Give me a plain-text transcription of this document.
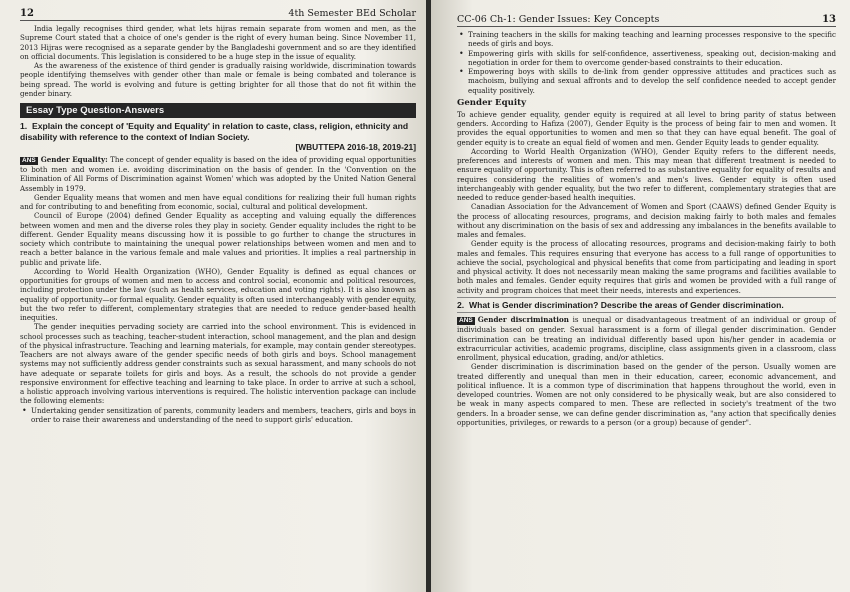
12	4th Semester BEd Scholar

India legally recognises third gender, what lets hijras remain separate from women and men, as the Supreme Court stated that a choice of one's gender is the right of every human being. Since November 11, 2013 Hijras were recognised as a separate gender by the Bangladeshi government and so are they identified on official documents. This legislation is considered to be a huge step in the issue of equality.

As the awareness of the existence of third gender is gradually raising worldwide, discrimination towards people identifying themselves with gender other than male or female is being combated and tolerance is being spread. The world is evolving and future is getting brighter for all those that do not fit within the gender binary.

Essay Type Question-Answers
1. Explain the concept of 'Equity and Equality' in relation to caste, class, religion, ethnicity and disability with reference to the context of Indian Society.
[WBUTTEPA 2016-18, 2019-21]

ANS Gender Equality: The concept of gender equality is based on the idea of providing equal opportunities to both men and women i.e. avoiding discrimination on the basis of gender. In the 'Convention on the Elimination of All Forms of Discrimination against Women' which was adopted by the United Nation General Assembly in 1979.

Gender Equality means that women and men have equal conditions for realizing their full human rights and for contributing to and benefiting from economic, social, cultural and political development.

Council of Europe (2004) defined Gender Equality as accepting and valuing equally the differences between women and men and the diverse roles they play in society. Gender equality includes the right to be different. Gender Equality means discussing how it is possible to go further to change the structures in society which contribute to maintaining the unequal power relationships between women and men and to reach a better balance in the various female and male values and priorities. It implies a real partnership in public and private life.

According to World Health Organization (WHO), Gender Equality is defined as equal chances or opportunities for groups of women and men to access and control social, economic and political resources, including protection under the law (such as health services, education and voting rights). It is also known as equality of opportunity—or formal equality. Gender equality is often used interchangeably with gender equity, but the two refer to different, complementary strategies that are needed to reduce gender-based health inequities.

The gender inequities pervading society are carried into the school environment. This is evidenced in school processes such as teaching, teacher-student interaction, school management, and the plan and design of the physical infrastructure. Teaching and learning materials, for example, may contain gender stereotypes. Teachers are not always aware of the gender specific needs of both girls and boys. School management systems may not sufficiently address gender constraints such as sexual harassment, and many schools do not have adequate or separate toilets for girls and boys. As a result, the schools do not provide a gender responsive environment for effective teaching and learning to take place. In order to arrive at such a school, a holistic approach involving various interventions is required. The holistic intervention package can include the following elements:

• Undertaking gender sensitization of parents, community leaders and members, teachers, girls and boys in order to raise their awareness and understanding of the need to support girls' education.
CC-06 Ch-1: Gender Issues: Key Concepts	13
• Training teachers in the skills for making teaching and learning processes responsive to the specific needs of girls and boys.
• Empowering girls with skills for self-confidence, assertiveness, speaking out, decision-making and negotiation in order for them to overcome gender-based constraints to their education.
• Empowering boys with skills to de-link from gender oppressive attitudes and practices such as machoism, bullying and sexual affronts and to develop the self confidence needed to accept gender equality positively.
Gender Equity

To achieve gender equality, gender equity is required at all level to bring parity of status between genders. According to Hafiza (2007), Gender Equity is the process of being fair to men and women. It provides the equal opportunities to women and men so that they can have equal benefit. The goal of gender equity is to create an equal field of women and men. Gender Equity leads to gender equality.

According to World Health Organization (WHO), Gender Equity refers to the different needs, preferences and interests of women and men. This may mean that different treatment is needed to ensure equality of opportunity. This is often referred to as substantive equality for equality of results and requires considering the realities of women's and men's lives. Gender equity is often used interchangeably with gender equality, but the two refer to different, complementary strategies that are needed to reduce gender-based health inequities.

Canadian Association for the Advancement of Women and Sport (CAAWS) defined Gender Equity is the process of allocating resources, programs, and decision making fairly to both males and females without any discrimination on the basis of sex and addressing any imbalances in the benefits available to males and females.

Gender equity is the process of allocating resources, programs and decision-making fairly to both males and females. This requires ensuring that everyone has access to a full range of opportunities to achieve the social, psychological and physical benefits that come from participating and leading in sport and physical activity. It does not necessarily mean making the same programs and facilities available to both males and females. Gender equity requires that girls and women be provided with a full range of activity and program choices that meet their needs, interests and experiences.

2. What is Gender discrimination? Describe the areas of Gender discrimination.

ANS Gender discrimination is unequal or disadvantageous treatment of an individual or group of individuals based on gender. Sexual harassment is a form of illegal gender discrimination. Gender discrimination can be treating an individual differently based upon his/her gender in academia or extracurricular activities, academic programs, discipline, class assignments given in a classroom, class enrollment, physical education, grading, and/or athletics.

Gender discrimination is discrimination based on the gender of the person. Usually women are treated differently and unequal than men in their education, career, economic advancement, and political influence. It is a common type of discrimination that happens throughout the world, even in developed countries. Women are not only considered to be physically weak, but are also considered to be weak in many aspects compared to men. These are reflected in society's treatment of the two genders. In a broader sense, we can define gender discrimination as, "any action that specifically denies opportunities, privileges, or rewards to a person (or a group) because of gender".
